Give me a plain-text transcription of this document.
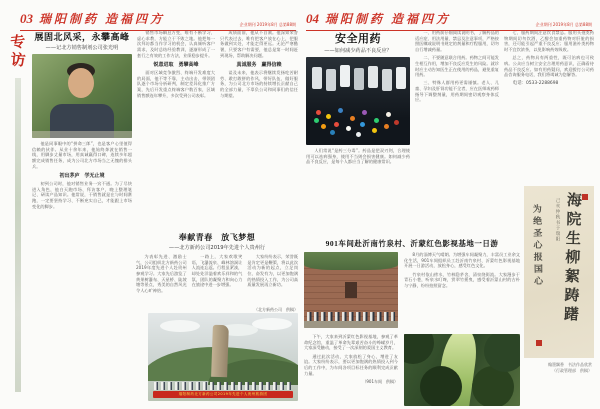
03 瑞阳制药 造福四方	企业期刊 2019年8月 总第88期
专
访
展固北风采，永攀高峰
——记北方销售制剂公司张光明

他是同事眼中的“拼命三郎”，也是客户心里值得信赖的伙伴。从业十余年来，他始终奔波在销售一线，用脚步丈量市场，用真诚赢得口碑，连续多年超额完成销售任务，成为公司北方市场当之无愧的排头兵。

初出茅庐　学无止境

初到公司时，他对销售业务一窍不通。为了尽快进入角色，他白天跑市场、拜访客户，晚上整理笔记、研读产品知识。他常说，干销售就是在与时间赛跑，一定要坚持学习、不断充实自己，才能跟上市场变化的脚步。

销售市场瞬息万变，唯有不断学习、虚心求教，方能立于不败之地。他把每一次拜访都当作学习的机会，认真倾听客户需求，及时总结经验教训，逐渐形成了一套行之有效的工作方法，业绩稳步提升。

锐意进取　勇攀高峰

面对区域竞争激烈、终端开发难度大的局面，他不等不靠，主动出击，带领团队逐个市场分析研判，制定差异化推广方案，先后开发重点终端客户数百家，区域销售额连年攀升，多次受到公司表彰。

成绩面前，他从不自满。他深知荣誉只代表过去，唯有把客户放在心上，把服务做到实处，才能走得更远。无论严寒酷暑，只要客户有需要，他总是第一时间赶到现场，帮助解决问题。

真诚服务　赢得信赖

谈及未来，他表示将继续发扬吃苦耐劳、敢打敢拼的作风，带好队伍、做好服务，为公司北方市场的持续增长贡献自己的全部力量，不辜负公司和同事们的信任与期望。

奉献青春　放飞梦想
——北方新药公司2019年先进个人贵州行

为表彰先进、激励士气，公司组织北方新药公司2019年度先进个人赴贵州参观学习。大家先后游览了黄果树瀑布、天星桥、陡坡塘等景点，秀美的自然风光令人心旷神怡。

一路上，大家欢歌笑语，飞瀑流泉、峰林溶洞让人流连忘返。行程虽紧凑，却处处洋溢着欢乐祥和的气氛，团队的凝聚力和向心力在旅途中进一步增强。

大家纷纷表示，荣誉既是肯定更是鞭策，将以此次活动为新的起点，立足岗位、奋发有为，以更加饱满的热情投入工作，为公司高质量发展再立新功。

（北方新药公司　供稿）
瑞阳制药北方新药公司2019年先进个人贵州旅游团
04 瑞阳制药 造福四方	企业期刊 2019年8月 总第88期
安全用药
——如何减少药品不良反应？

人们常说“是药三分毒”。药品是把双刃剑，合理使用可以祛病强身，使用不当则会损害健康。如何减少药品不良反应，是每个人都应当了解的健康常识。

一、用药前仔细阅读说明书，了解药品的适应症、用法用量、禁忌及注意事项，严格按照医嘱或说明书规定的剂量和疗程服用，切勿自行增减药量。

二、不要随意联合用药。药物之间可能发生相互作用，增加不良反应发生的风险。就诊时应主动告知医生正在使用的药品，避免重复用药。

三、特殊人群用药更需谨慎。老人、儿童、孕妇及肝肾功能不全者，应在医师或药师指导下调整剂量，用药期间密切观察身体反应。

七、服药期间注意饮食禁忌。服用头孢类药物期间切勿饮酒，乙醇会加重药物对肝脏的损害，还可能引起严重不良反应；服用滋补类药物时不宜饮浓茶，以免影响药效吸收。

总之，药物具有两重性，既可治病也可致病。公众应当树立安全合理用药意识，正确看待药品不良反应。如有用药疑问，欢迎拨打公司药品咨询服务电话，我们将竭诚为您解答。

电话：0533-2288698
901车间赴沂南竹泉村、沂蒙红色影视基地一日游

8月的淄博天气晴朗。为增强车间凝聚力，丰富员工业余文化生活，901车间组织员工赴沂南竹泉村、沂蒙红色影视基地开展一日游活动，放松身心，感受红色文化。

竹泉村依山傍水，竹林隐茅舍，清泉绕街流。大家漫步于青石小巷，听泉水叮咚，赏翠竹摇曳，感受着沂蒙山村的古朴与宁静，纷纷拍照留念。

下午，大家来到沂蒙红色影视基地，参观了革命纪念馆，重温了革命先辈艰苦奋斗的峥嵘岁月，大家深受触动，接受了一次深刻的爱国主义教育。

通过此次活动，大家放松了身心，增进了友谊。大家纷纷表示，要以更加饱满的热情投入到今后的工作中，为车间各项目标任务的顺利完成贡献力量。

（901车间　供稿）
海院生柳絮踌躇
为绝圣心报国心	己亥仲秋书于瑞阳
翰墨飘香　书法作品欣赏
（行政管理部　供稿）
